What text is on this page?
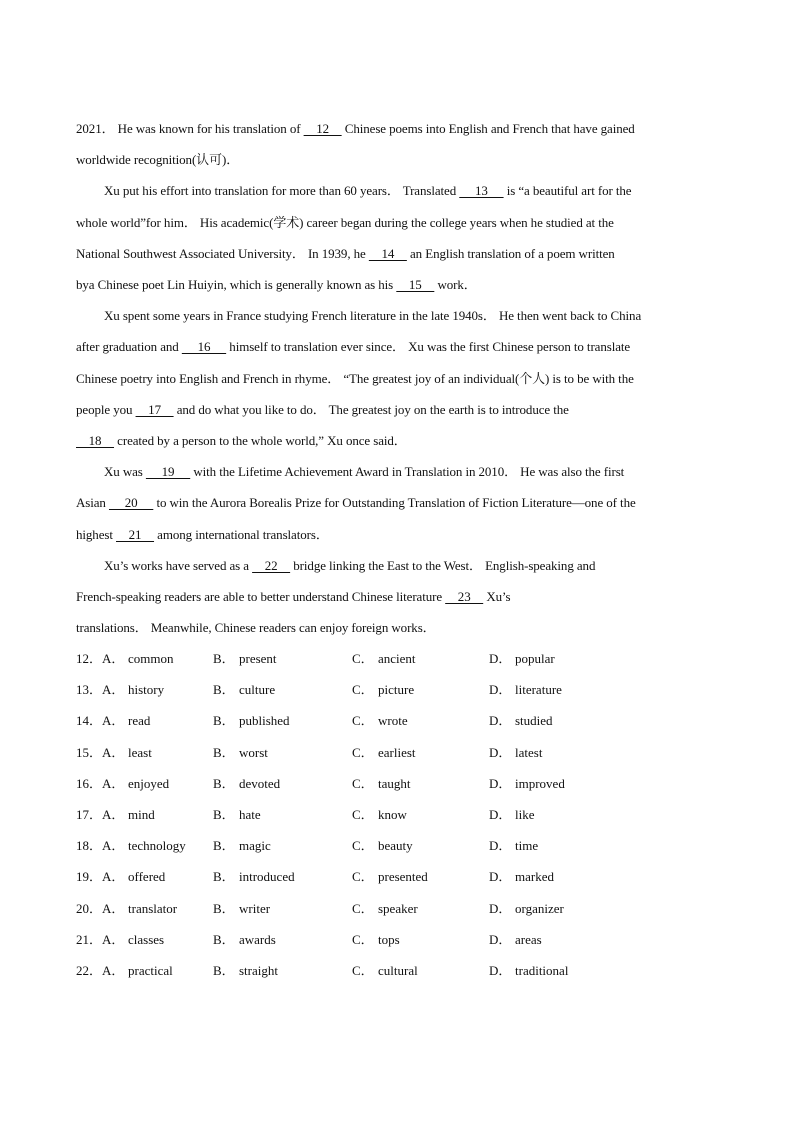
2021． He was known for his translation of     12     Chinese poems into English and French that have gained
worldwide recognition(认可)．
Xu put his effort into translation for more than 60 years． Translated      13      is “a beautiful art for the
whole world”for him． His academic(学术) career began during the college years when he studied at the
National Southwest Associated University． In 1939, he     14     an English translation of a poem written
bya Chinese poet Lin Huiyin, which is generally known as his     15     work．
Xu spent some years in France studying French literature in the late 1940s． He then went back to China
after graduation and      16      himself to translation ever since． Xu was the first Chinese person to translate
Chinese poetry into English and French in rhyme． “The greatest joy of an individual(个人) is to be with the
people you     17     and do what you like to do． The greatest joy on the earth is to introduce the
18     created by a person to the whole world,” Xu once said．
Xu was      19      with the Lifetime Achievement Award in Translation in 2010． He was also the first
Asian      20      to win the Aurora Borealis Prize for Outstanding Translation of Fiction Literature—one of the
highest     21     among international translators．
Xu’s works have served as a     22     bridge linking the East to the West． English-speaking and
French-speaking readers are able to better understand Chinese literature     23     Xu’s
translations． Meanwhile, Chinese readers can enjoy foreign works．
12． A． common	B． present	C． ancient	D． popular
13． A． history	B． culture	C． picture	D． literature
14． A． read	B． published	C． wrote	D． studied
15． A． least	B． worst	C． earliest	D． latest
16． A． enjoyed	B． devoted	C． taught	D． improved
17． A． mind	B． hate	C． know	D． like
18． A． technology B． magic	C． beauty	D． time
19． A． offered	B． introduced	C． presented	D． marked
20． A． translator	B． writer	C． speaker	D． organizer
21． A． classes	B． awards	C． tops	D． areas
22． A． practical	B． straight	C． cultural	D． traditional
